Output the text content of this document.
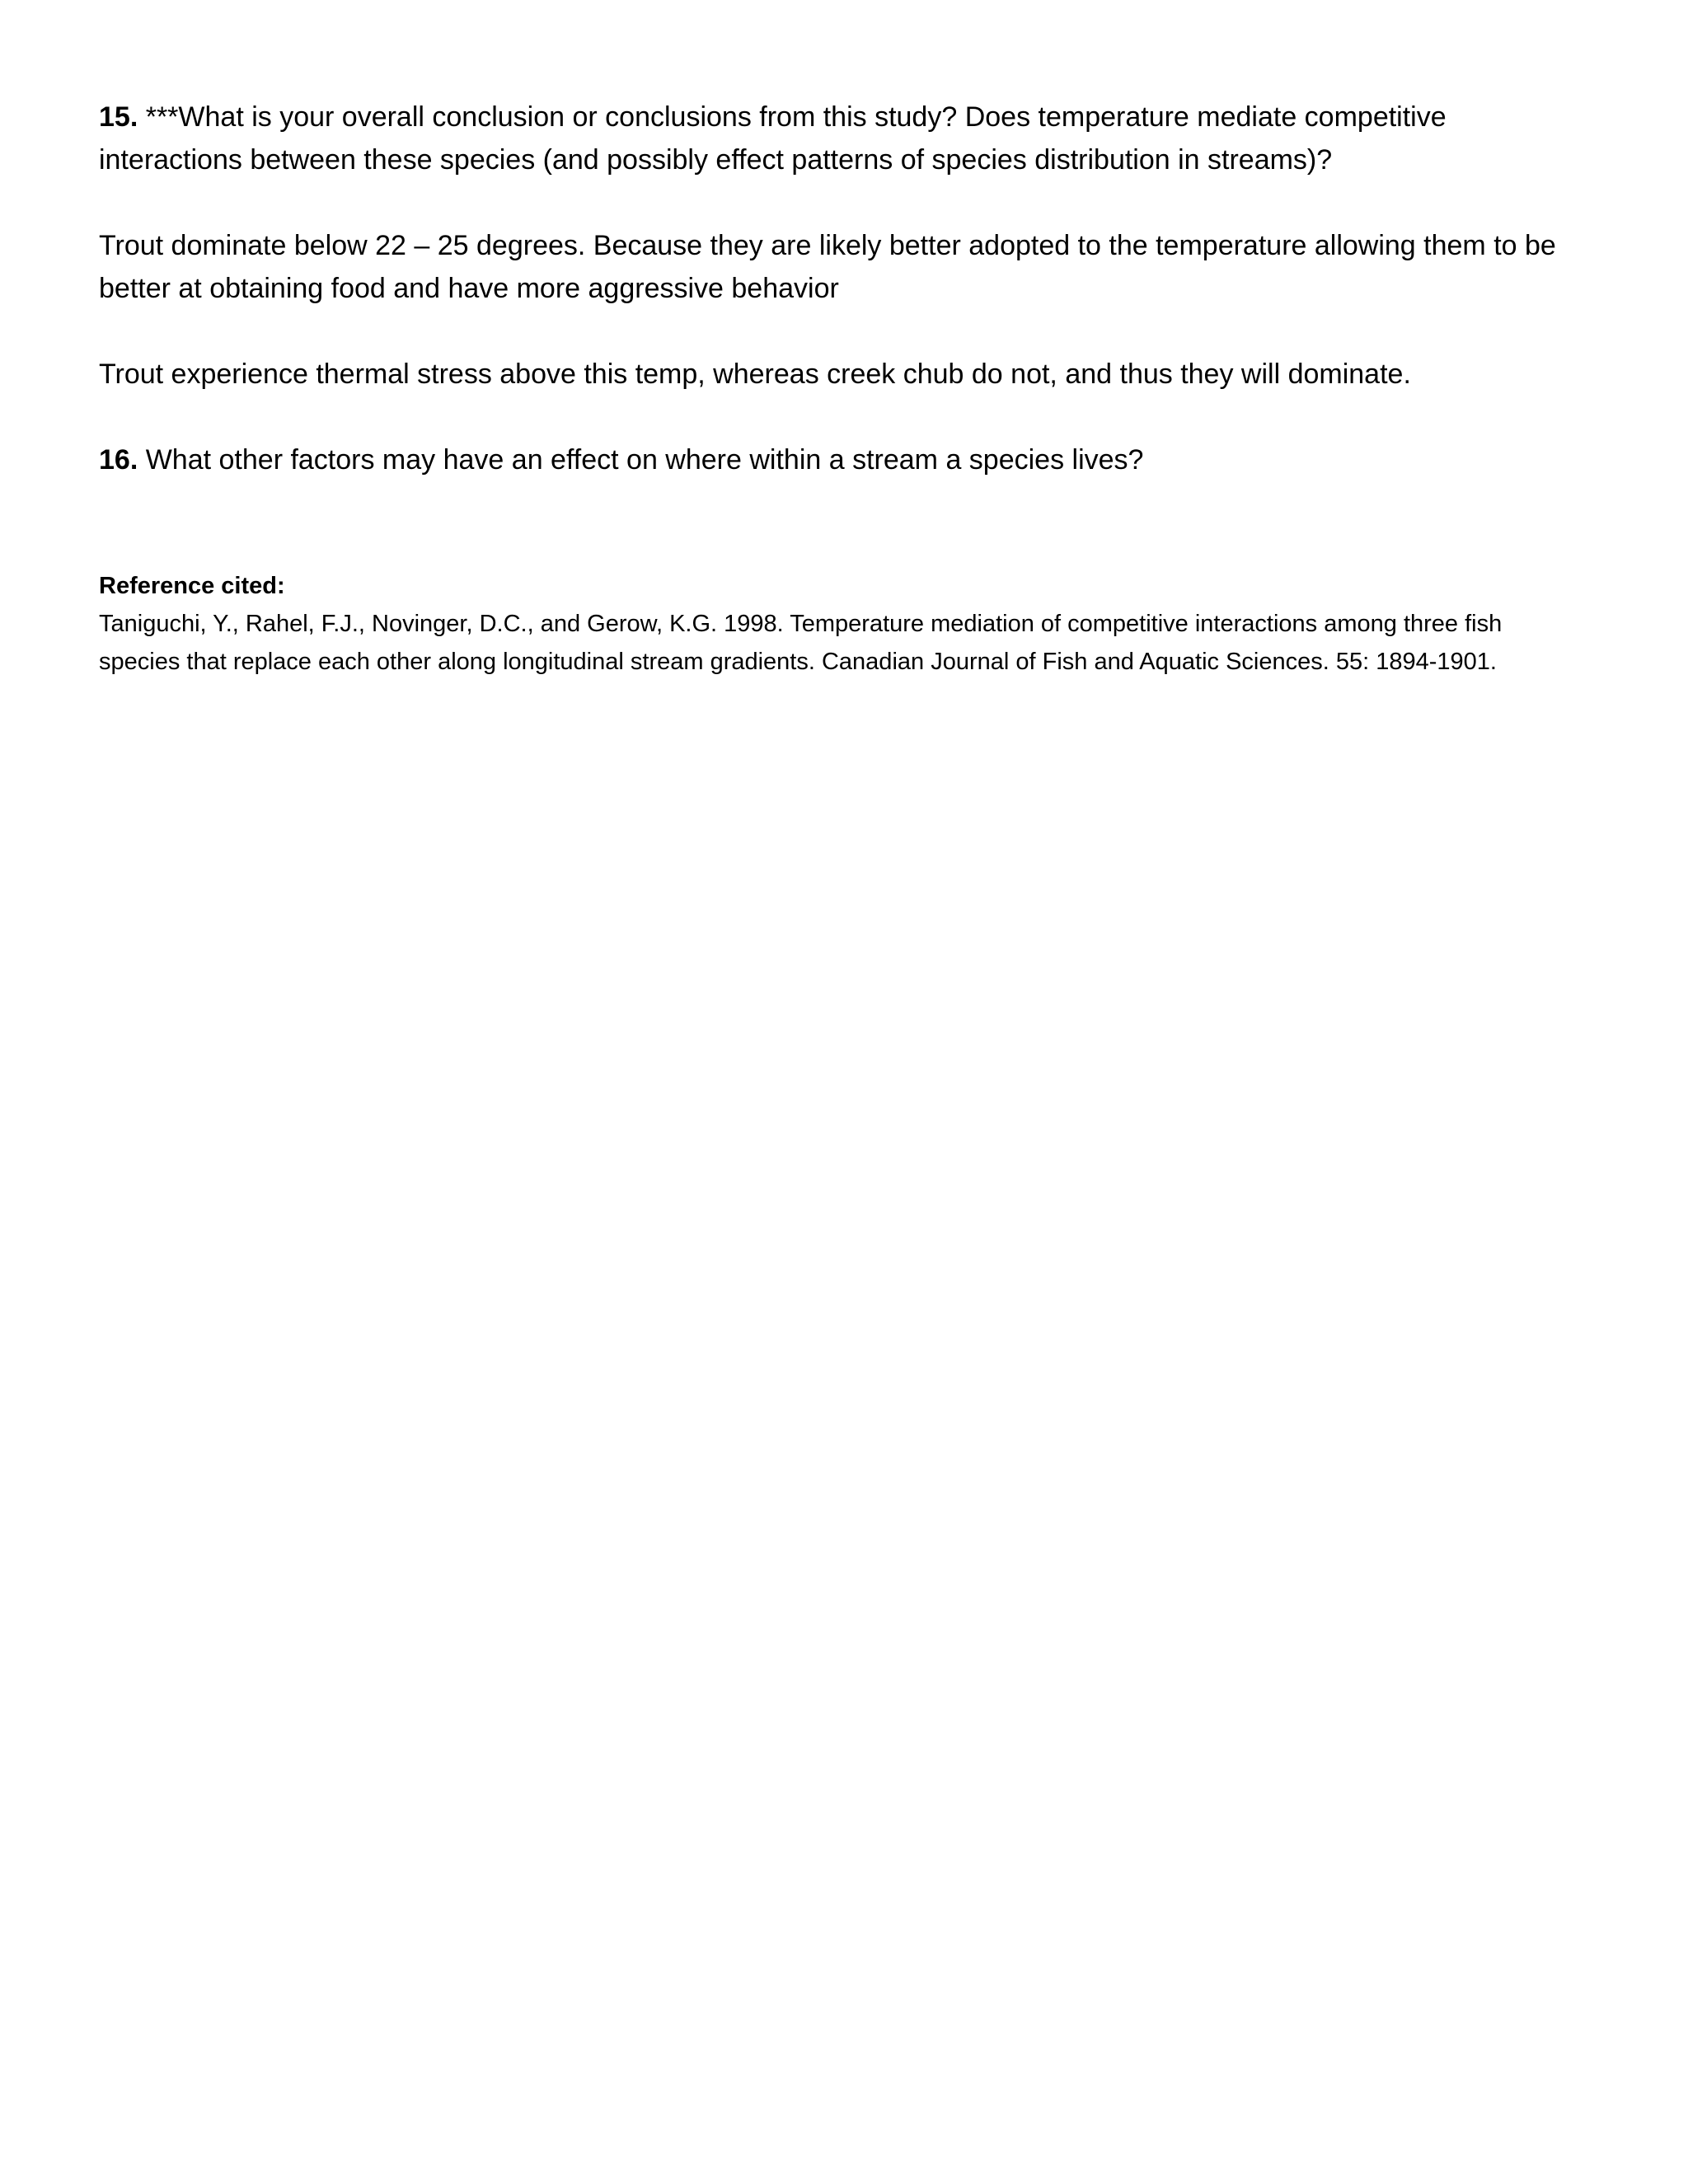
15. ***What is your overall conclusion or conclusions from this study? Does temperature mediate competitive interactions between these species (and possibly effect patterns of species distribution in streams)?

Trout dominate below 22 – 25 degrees. Because they are likely better adopted to the temperature allowing them to be better at obtaining food and have more aggressive behavior

Trout experience thermal stress above this temp, whereas creek chub do not, and thus they will dominate.

16. What other factors may have an effect on where within a stream a species lives?

Reference cited:

Taniguchi, Y., Rahel, F.J., Novinger, D.C., and Gerow, K.G. 1998. Temperature mediation of competitive interactions among three fish species that replace each other along longitudinal stream gradients. Canadian Journal of Fish and Aquatic Sciences. 55: 1894-1901.
